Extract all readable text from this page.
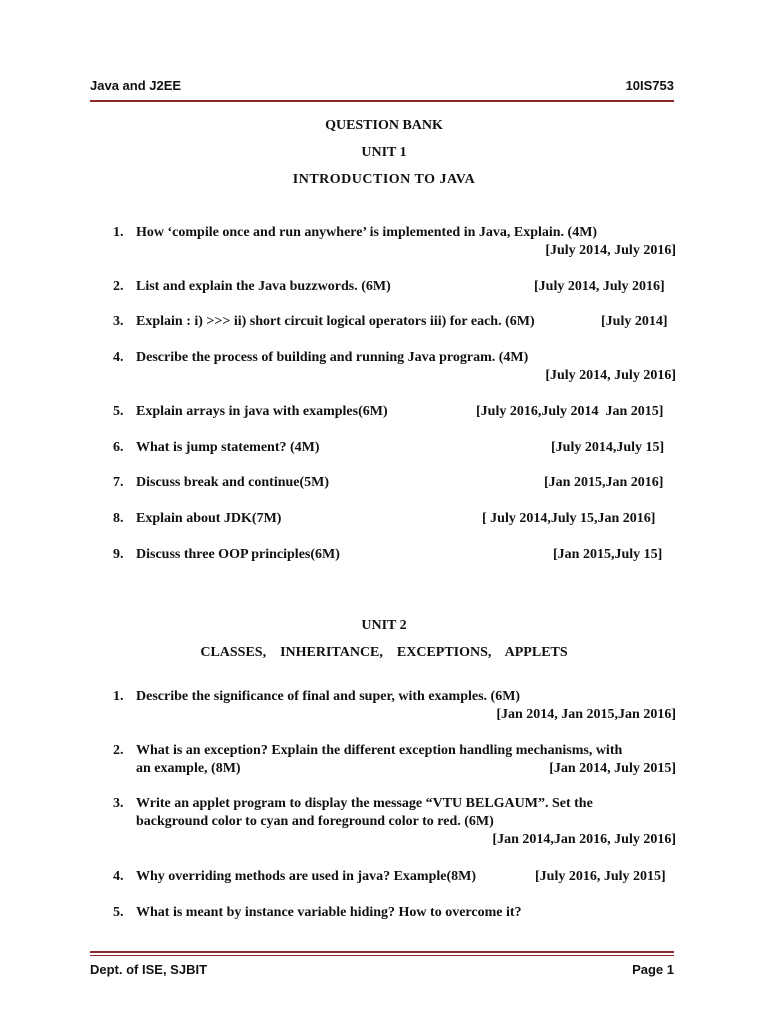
Java and J2EE	10IS753
QUESTION BANK
UNIT 1
INTRODUCTION TO JAVA
1. How ‘compile once and run anywhere’ is implemented in Java, Explain. (4M)
[July 2014, July 2016]
2. List and explain the Java buzzwords. (6M)	[July 2014, July 2016]
3. Explain : i) >>> ii) short circuit logical operators iii) for each. (6M)	[July 2014]
4. Describe the process of building and running Java program. (4M)
[July 2014, July 2016]
5. Explain arrays in java with examples(6M)	[July 2016,July 2014  Jan 2015]
6. What is jump statement? (4M)	[July 2014,July 15]
7. Discuss break and continue(5M)	[Jan 2015,Jan 2016]
8. Explain about JDK(7M)	[ July 2014,July 15,Jan 2016]
9. Discuss three OOP principles(6M)	[Jan 2015,July 15]
UNIT 2
CLASSES,    INHERITANCE,    EXCEPTIONS,    APPLETS
1. Describe the significance of final and super, with examples. (6M)
[Jan 2014, Jan 2015,Jan 2016]
2. What is an exception? Explain the different exception handling mechanisms, with
an example, (8M)	[Jan 2014, July 2015]
3. Write an applet program to display the message “VTU BELGAUM”. Set the
background color to cyan and foreground color to red. (6M)
[Jan 2014,Jan 2016, July 2016]
4. Why overriding methods are used in java? Example(8M)	[July 2016, July 2015]
5. What is meant by instance variable hiding? How to overcome it?
Dept. of ISE, SJBIT	Page 1
